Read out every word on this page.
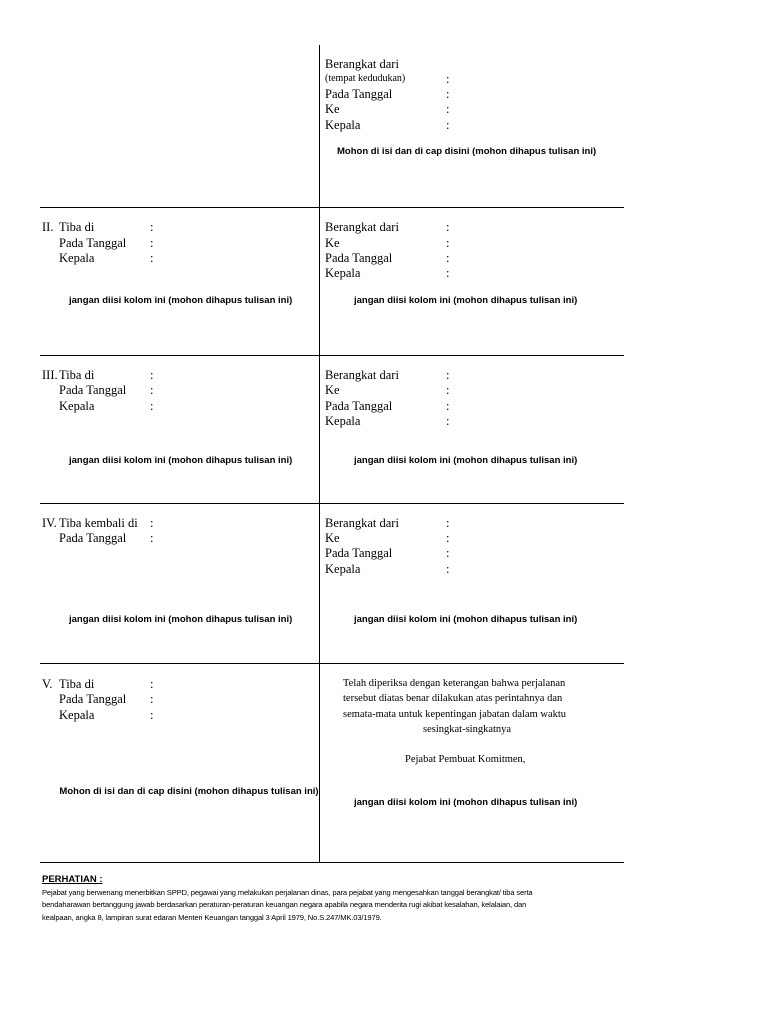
Berangkat dari
(tempat kedudukan)	:
Pada Tanggal	:
Ke	:
Kepala	:
Mohon di isi dan di cap disini (mohon dihapus tulisan ini)
II. Tiba di	:
Pada Tanggal :
Kepala	:
jangan diisi kolom ini (mohon dihapus tulisan ini)
Berangkat dari	:
Ke	:
Pada Tanggal	:
Kepala	:
jangan diisi kolom ini (mohon dihapus tulisan ini)
III. Tiba di	:
Pada Tanggal :
Kepala	:
jangan diisi kolom ini (mohon dihapus tulisan ini)
Berangkat dari	:
Ke	:
Pada Tanggal	:
Kepala	:
jangan diisi kolom ini (mohon dihapus tulisan ini)
IV. Tiba kembali di :
Pada Tanggal :
jangan diisi kolom ini (mohon dihapus tulisan ini)
Berangkat dari	:
Ke	:
Pada Tanggal	:
Kepala	:
jangan diisi kolom ini (mohon dihapus tulisan ini)
V. Tiba di	:
Pada Tanggal :
Kepala	:
Mohon di isi dan di cap disini (mohon dihapus tulisan ini)
Telah diperiksa dengan keterangan bahwa perjalanan
tersebut diatas benar dilakukan atas perintahnya dan
semata-mata untuk kepentingan jabatan dalam waktu
sesingkat-singkatnya
Pejabat Pembuat Komitmen,
jangan diisi kolom ini (mohon dihapus tulisan ini)
PERHATIAN :
Pejabat yang berwenang menerbitkan SPPD, pegawai yang melakukan perjalanan dinas, para pejabat yang mengesahkan tanggal berangkat/ tiba serta
bendaharawan bertanggung jawab berdasarkan peraturan-peraturan keuangan negara apabila negara menderita rugi akibat kesalahan, kelalaian, dan
kealpaan, angka 8, lampiran surat edaran Menteri Keuangan tanggal 3 April 1979, No.S.247/MK.03/1979.
